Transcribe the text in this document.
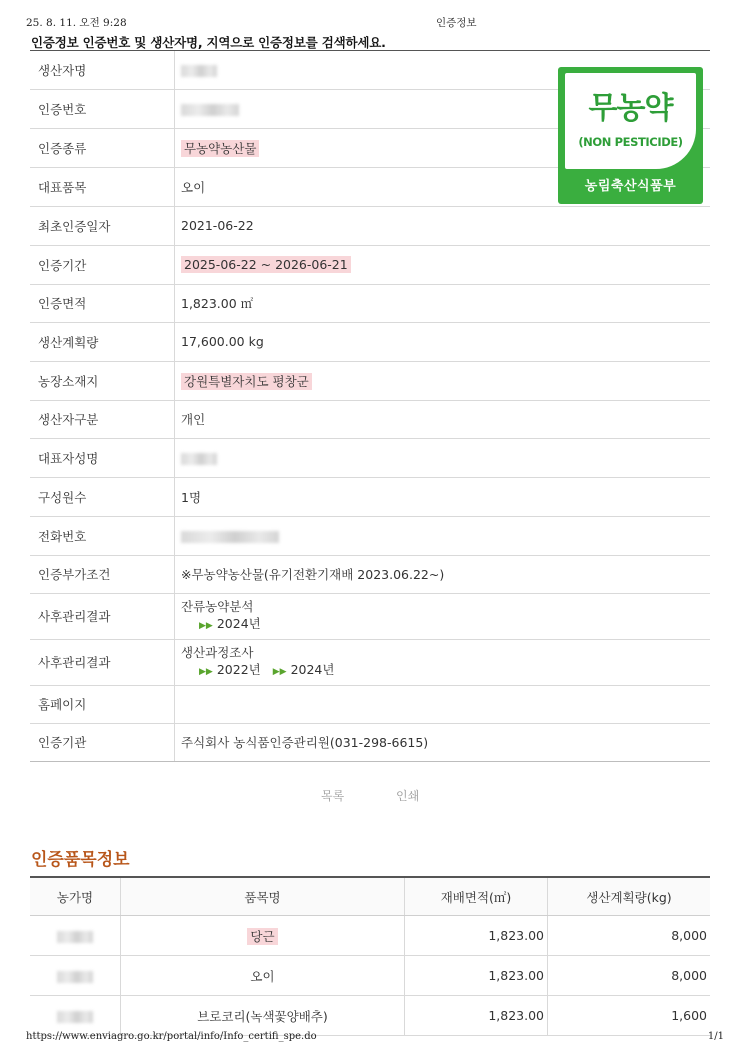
25. 8. 11. 오전 9:28	인증정보
인증정보 인증번호 및 생산자명, 지역으로 인증정보를 검색하세요.
생산자명	
인증번호	
인증종류	무농약농산물
대표품목	오이
최초인증일자	2021-06-22
인증기간	2025-06-22 ~ 2026-06-21
인증면적	1,823.00 ㎡
생산계획량	17,600.00 kg
농장소재지	강원특별자치도 평창군
생산자구분	개인
대표자성명	
구성원수	1명
전화번호	
인증부가조건	※무농약농산물(유기전환기재배 2023.06.22~)
사후관리결과	잔류농약분석
▶▶ 2024년

사후관리결과	생산과정조사
▶▶ 2022년 ▶▶ 2024년

홈페이지	
인증기관	주식회사 농식품인증관리원(031-298-6615)
무농약
(NON PESTICIDE)
농림축산식품부
목록	인쇄
인증품목정보
농가명	품목명	재배면적(㎡)	생산계획량(kg)
	당근	1,823.00	8,000
	오이	1,823.00	8,000
	브로코리(녹색꽃양배추)	1,823.00	1,600
https://www.enviagro.go.kr/portal/info/Info_certifi_spe.do	1/1
